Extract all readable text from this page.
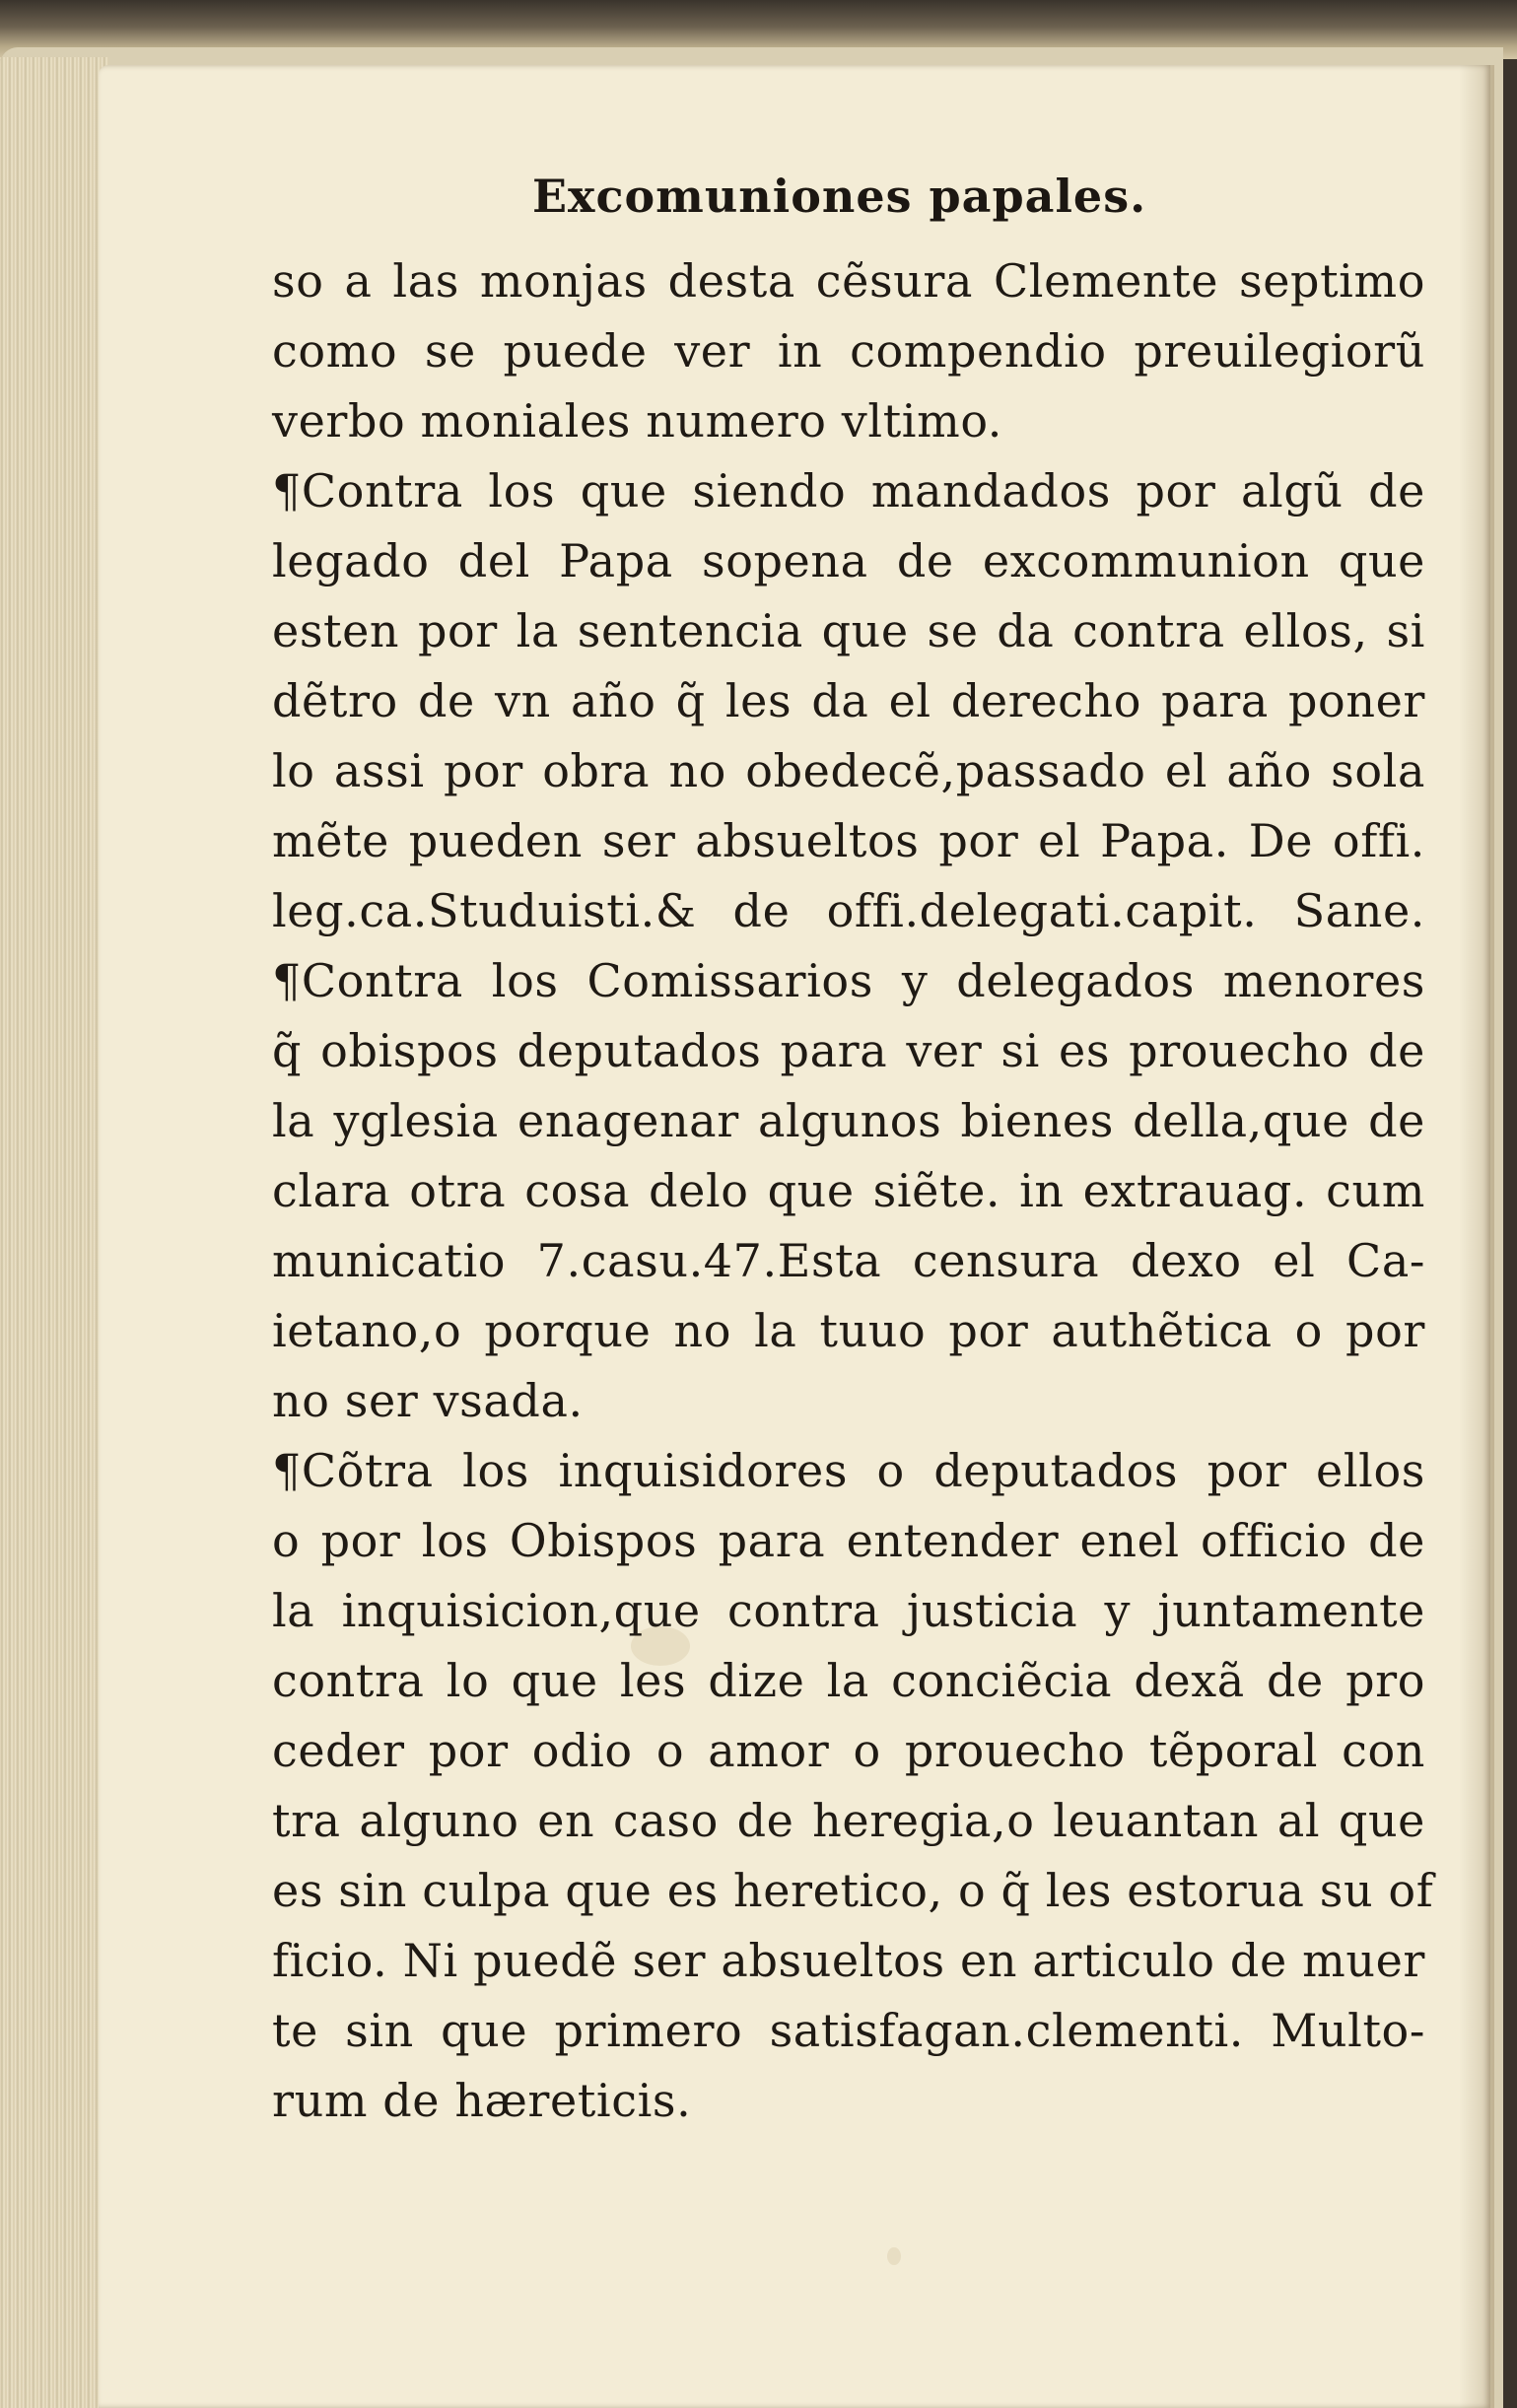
Excomuniones papales.
so a las monjas desta cẽsura Clemente septimo
como se puede ver in compendio preuilegiorũ
verbo moniales numero vltimo.
¶Contra los que siendo mandados por algũ de
legado del Papa sopena de excommunion que
esten por la sentencia que se da contra ellos, si
dẽtro de vn año q̃ les da el derecho para poner
lo assi por obra no obedecẽ,passado el año sola
mẽte pueden ser absueltos por el Papa. De offi.
leg.ca.Studuisti.& de offi.delegati.capit. Sane.
¶Contra los Comissarios y delegados menores
q̃ obispos deputados para ver si es prouecho de
la yglesia enagenar algunos bienes della,que de
clara otra cosa delo que siẽte. in extrauag. cum
municatio 7.casu.47.Esta censura dexo el Ca-
ietano,o porque no la tuuo por authẽtica o por
no ser vsada.
¶Cõtra los inquisidores o deputados por ellos
o por los Obispos para entender enel officio de
la inquisicion,que contra justicia y juntamente
contra lo que les dize la conciẽcia dexã de pro
ceder por odio o amor o prouecho tẽporal con
tra alguno en caso de heregia,o leuantan al que
es sin culpa que es heretico, o q̃ les estorua su of
ficio. Ni puedẽ ser absueltos en articulo de muer
te sin que primero satisfagan.clementi. Multo-
rum de hæreticis.
